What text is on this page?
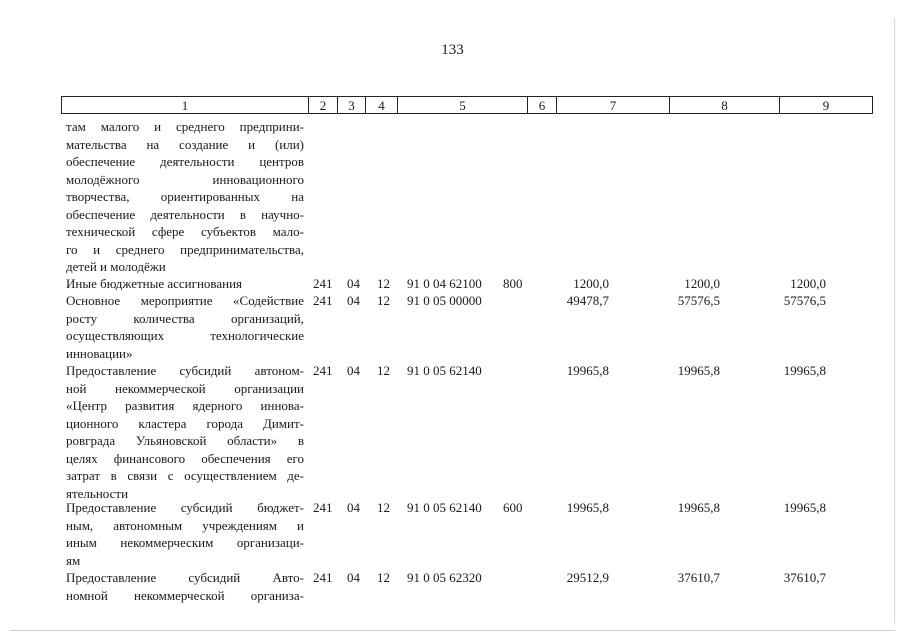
133
1	2	3	4	5	6	7	8	9
там малого и среднего предприни-
мательства на создание и (или)
обеспечение деятельности центров
молодёжного инновационного
творчества, ориентированных на
обеспечение деятельности в научно-
технической сфере субъектов мало-
го и среднего предпринимательства,
детей и молодёжи
Иные бюджетные ассигнования	241 04 12 91 0 04 62100 800	1200,0	1200,0	1200,0
Основное мероприятие «Содействие
росту количества организаций,
осуществляющих технологические
инновации»
241 04 12 91 0 05 00000	49478,7	57576,5	57576,5
Предоставление субсидий автоном-
ной некоммерческой организации
«Центр развития ядерного иннова-
ционного кластера города Димит-
ровграда Ульяновской области» в
целях финансового обеспечения его
затрат в связи с осуществлением де-
ятельности
241 04 12 91 0 05 62140	19965,8	19965,8	19965,8
Предоставление субсидий бюджет-
ным, автономным учреждениям и
иным некоммерческим организаци-
ям
241 04 12 91 0 05 62140 600	19965,8	19965,8	19965,8
Предоставление субсидий Авто-
номной некоммерческой организа-
241 04 12 91 0 05 62320	29512,9	37610,7	37610,7
